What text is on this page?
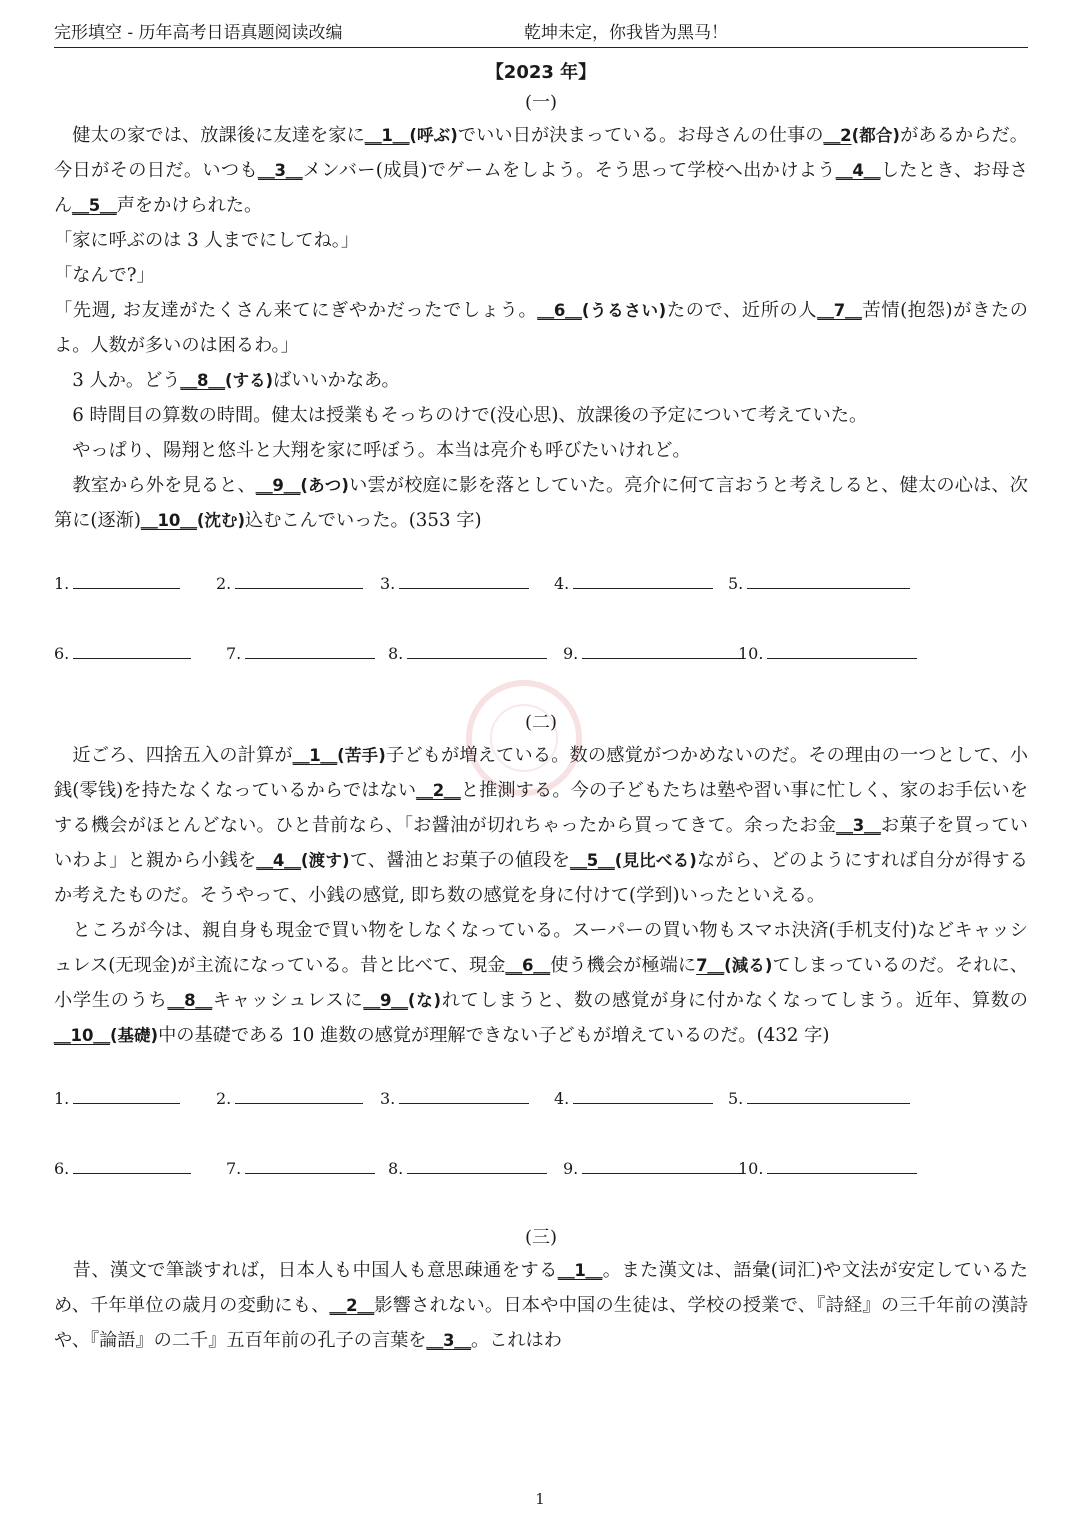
完形填空 - 历年高考日语真题阅读改编	乾坤未定，你我皆为黑马！
【2023 年】
(一)

　健太の家では、放課後に友達を家に＿1＿(呼ぶ)でいい日が決まっている。お母さんの仕事の＿2(都合)があるからだ。今日がその日だ。いつも＿3＿メンバー(成員)でゲームをしよう。そう思って学校へ出かけよう＿4＿したとき、お母さん＿5＿声をかけられた。

「家に呼ぶのは 3 人までにしてね。」

「なんで?」

「先週, お友達がたくさん来てにぎやかだったでしょう。＿6＿(うるさい)たので、近所の人＿7＿苦情(抱怨)がきたのよ。人数が多いのは困るわ。」

　3 人か。どう＿8＿(する)ばいいかなあ。

　6 時間目の算数の時間。健太は授業もそっちのけで(没心思)、放課後の予定について考えていた。

　やっぱり、陽翔と悠斗と大翔を家に呼ぼう。本当は亮介も呼びたいけれど。

　教室から外を見ると、＿9＿(あつ)い雲が校庭に影を落としていた。亮介に何て言おうと考えしると、健太の心は、次第に(逐渐)＿10＿(沈む)込むこんでいった。(353 字)

1.	2.	3.	4.	5.
6.	7.	8.	9.	10.
(二)

　近ごろ、四捨五入の計算が＿1＿(苦手)子どもが増えている。数の感覚がつかめないのだ。その理由の一つとして、小銭(零钱)を持たなくなっているからではない＿2＿と推測する。今の子どもたちは塾や習い事に忙しく、家のお手伝いをする機会がほとんどない。ひと昔前なら、「お醤油が切れちゃったから買ってきて。余ったお金＿3＿お菓子を買っていいわよ」と親から小銭を＿4＿(渡す)て、醤油とお菓子の値段を＿5＿(見比べる)ながら、どのようにすれば自分が得するか考えたものだ。そうやって、小銭の感覚, 即ち数の感覚を身に付けて(学到)いったといえる。

　ところが今は、親自身も現金で買い物をしなくなっている。スーパーの買い物もスマホ決済(手机支付)などキャッシュレス(无现金)が主流になっている。昔と比べて、現金＿6＿使う機会が極端に7＿(減る)てしまっているのだ。それに、小学生のうち＿8＿キャッシュレスに＿9＿(な)れてしまうと、数の感覚が身に付かなくなってしまう。近年、算数の＿10＿(基礎)中の基礎である 10 進数の感覚が理解できない子どもが増えているのだ。(432 字)

1.	2.	3.	4.	5.
6.	7.	8.	9.	10.
(三)

　昔、漢文で筆談すれば，日本人も中国人も意思疎通をする＿1＿。また漢文は、語彙(词汇)や文法が安定しているため、千年単位の歳月の変動にも、＿2＿影響されない。日本や中国の生徒は、学校の授業で、『詩経』の三千年前の漢詩や、『論語』の二千』五百年前の孔子の言葉を＿3＿。これはわ

1
